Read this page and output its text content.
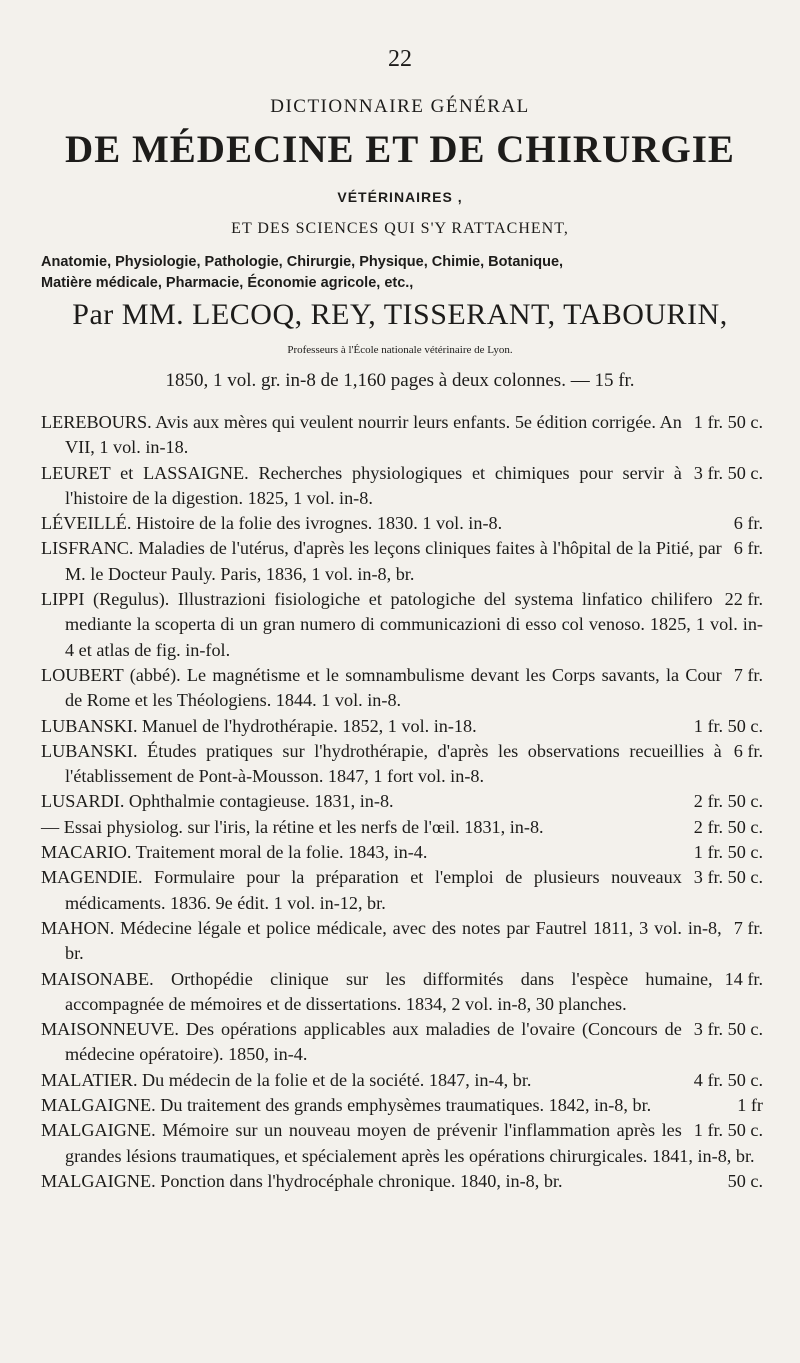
22
DICTIONNAIRE GÉNÉRAL
DE MÉDECINE ET DE CHIRURGIE
VÉTÉRINAIRES ,
ET DES SCIENCES QUI S'Y RATTACHENT,
Anatomie, Physiologie, Pathologie, Chirurgie, Physique, Chimie, Botanique,
Matière médicale, Pharmacie, Économie agricole, etc.,
Par MM. LECOQ, REY, TISSERANT, TABOURIN,
Professeurs à l'École nationale vétérinaire de Lyon.
1850, 1 vol. gr. in-8 de 1,160 pages à deux colonnes. — 15 fr.
1 fr. 50 c.
LEREBOURS. Avis aux mères qui veulent nourrir leurs enfants. 5e édition corrigée. An VII, 1 vol. in-18.
3 fr. 50 c.
LEURET et LASSAIGNE. Recherches physiologiques et chimiques pour servir à l'histoire de la digestion. 1825, 1 vol. in-8.
6 fr.
LÉVEILLÉ. Histoire de la folie des ivrognes. 1830. 1 vol. in-8.
6 fr.
LISFRANC. Maladies de l'utérus, d'après les leçons cliniques faites à l'hôpital de la Pitié, par M. le Docteur Pauly. Paris, 1836, 1 vol. in-8, br.
22 fr.
LIPPI (Regulus). Illustrazioni fisiologiche et patologiche del systema linfatico chilifero mediante la scoperta di un gran numero di communicazioni di esso col venoso. 1825, 1 vol. in-4 et atlas de fig. in-fol.
7 fr.
LOUBERT (abbé). Le magnétisme et le somnambulisme devant les Corps savants, la Cour de Rome et les Théologiens. 1844. 1 vol. in-8.
1 fr. 50 c.
LUBANSKI. Manuel de l'hydrothérapie. 1852, 1 vol. in-18.
6 fr.
LUBANSKI. Études pratiques sur l'hydrothérapie, d'après les observations recueillies à l'établissement de Pont-à-Mousson. 1847, 1 fort vol. in-8.
2 fr. 50 c.
LUSARDI. Ophthalmie contagieuse. 1831, in-8.
2 fr. 50 c.
— Essai physiolog. sur l'iris, la rétine et les nerfs de l'œil. 1831, in-8.
1 fr. 50 c.
MACARIO. Traitement moral de la folie. 1843, in-4.
3 fr. 50 c.
MAGENDIE. Formulaire pour la préparation et l'emploi de plusieurs nouveaux médicaments. 1836. 9e édit. 1 vol. in-12, br.
7 fr.
MAHON. Médecine légale et police médicale, avec des notes par Fautrel 1811, 3 vol. in-8, br.
14 fr.
MAISONABE. Orthopédie clinique sur les difformités dans l'espèce humaine, accompagnée de mémoires et de dissertations. 1834, 2 vol. in-8, 30 planches.
3 fr. 50 c.
MAISONNEUVE. Des opérations applicables aux maladies de l'ovaire (Concours de médecine opératoire). 1850, in-4.
4 fr. 50 c.
MALATIER. Du médecin de la folie et de la société. 1847, in-4, br.
1 fr
MALGAIGNE. Du traitement des grands emphysèmes traumatiques. 1842, in-8, br.
1 fr. 50 c.
MALGAIGNE. Mémoire sur un nouveau moyen de prévenir l'inflammation après les grandes lésions traumatiques, et spécialement après les opérations chirurgicales. 1841, in-8, br.
50 c.
MALGAIGNE. Ponction dans l'hydrocéphale chronique. 1840, in-8, br.
